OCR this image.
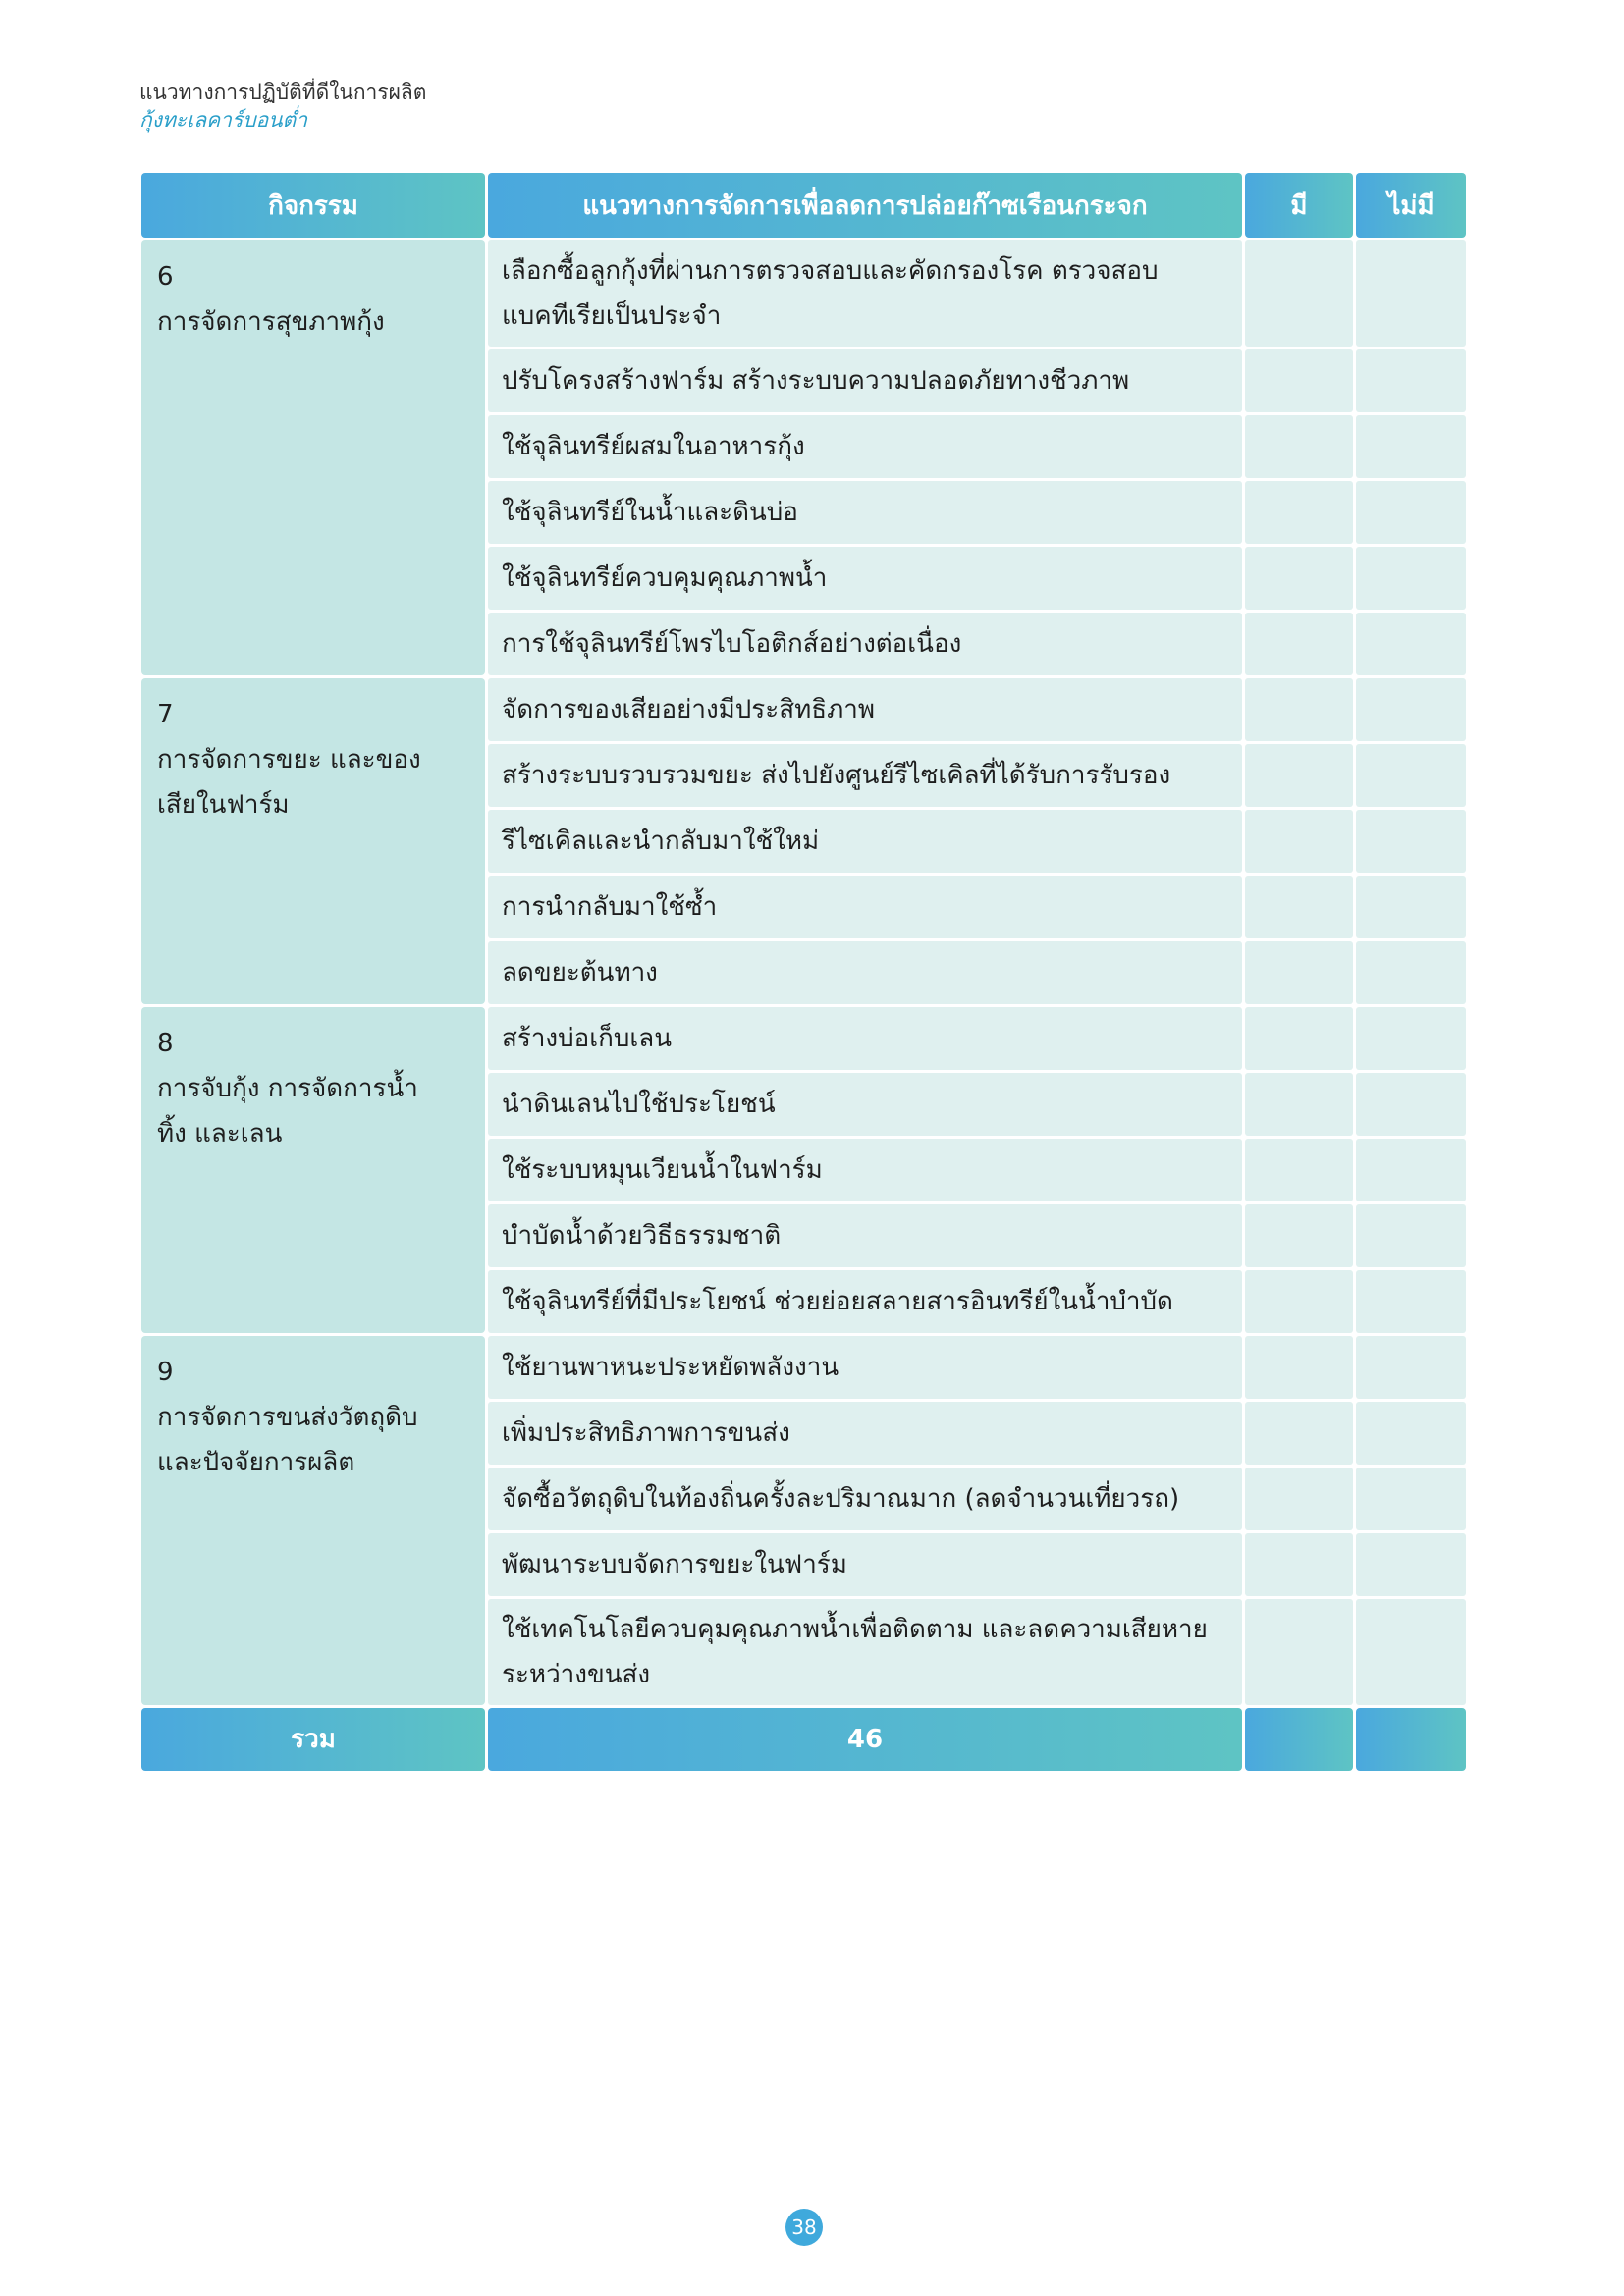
แนวทางการปฏิบัติที่ดีในการผลิต
กุ้งทะเลคาร์บอนต่ำ
กิจกรรม	แนวทางการจัดการเพื่อลดการปล่อยก๊าซเรือนกระจก	มี	ไม่มี
6การจัดการสุขภาพกุ้ง	เลือกซื้อลูกกุ้งที่ผ่านการตรวจสอบและคัดกรองโรค ตรวจสอบแบคทีเรียเป็นประจำ		
	ปรับโครงสร้างฟาร์ม สร้างระบบความปลอดภัยทางชีวภาพ		
	ใช้จุลินทรีย์ผสมในอาหารกุ้ง		
	ใช้จุลินทรีย์ในน้ำและดินบ่อ		
	ใช้จุลินทรีย์ควบคุมคุณภาพน้ำ		
	การใช้จุลินทรีย์โพรไบโอติกส์อย่างต่อเนื่อง		
7การจัดการขยะ และของเสียในฟาร์ม	จัดการของเสียอย่างมีประสิทธิภาพ		
	สร้างระบบรวบรวมขยะ ส่งไปยังศูนย์รีไซเคิลที่ได้รับการรับรอง		
	รีไซเคิลและนำกลับมาใช้ใหม่		
	การนำกลับมาใช้ซ้ำ		
	ลดขยะต้นทาง		
8การจับกุ้ง การจัดการน้ำทิ้ง และเลน	สร้างบ่อเก็บเลน		
	นำดินเลนไปใช้ประโยชน์		
	ใช้ระบบหมุนเวียนน้ำในฟาร์ม		
	บำบัดน้ำด้วยวิธีธรรมชาติ		
	ใช้จุลินทรีย์ที่มีประโยชน์ ช่วยย่อยสลายสารอินทรีย์ในน้ำบำบัด		
9การจัดการขนส่งวัตถุดิบ และปัจจัยการผลิต	ใช้ยานพาหนะประหยัดพลังงาน		
	เพิ่มประสิทธิภาพการขนส่ง		
	จัดซื้อวัตถุดิบในท้องถิ่นครั้งละปริมาณมาก (ลดจำนวนเที่ยวรถ)		
	พัฒนาระบบจัดการขยะในฟาร์ม		
	ใช้เทคโนโลยีควบคุมคุณภาพน้ำเพื่อติดตาม และลดความเสียหายระหว่างขนส่ง		
รวม	46		
38
